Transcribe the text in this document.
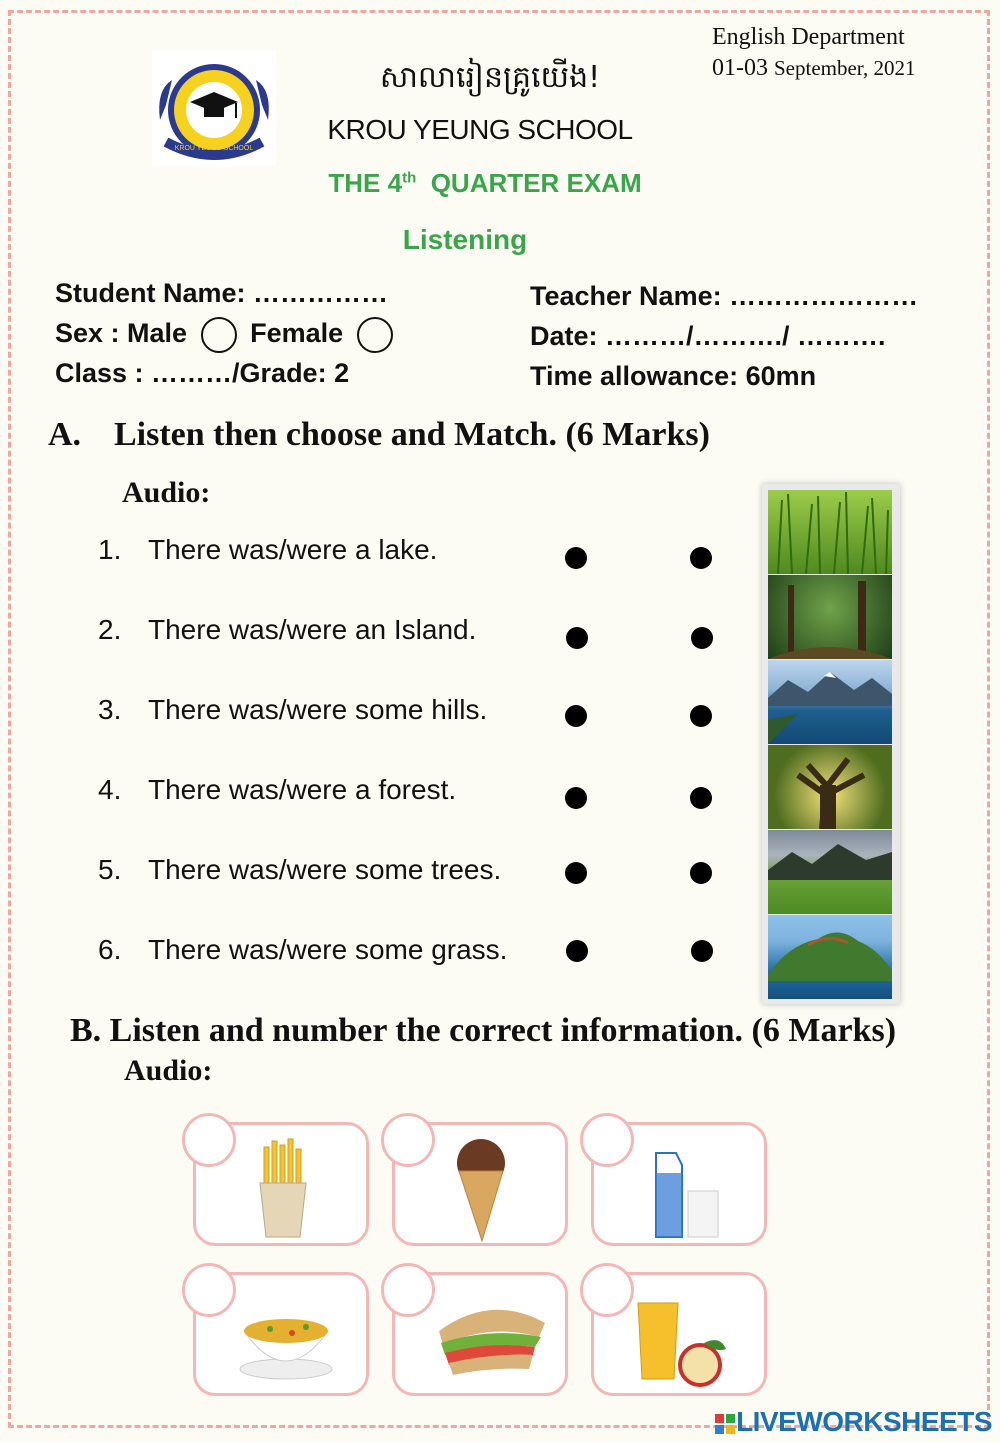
KROU YEUNG SCHOOL
សាលារៀនគ្រូយើង!
KROU YEUNG SCHOOL
English Department
01-03 September, 2021
THE 4th QUARTER EXAM
Listening
Student Name: ……………
Sex : Male Female
Class : ………/Grade: 2
Teacher Name: …………………
Date: ………/………./ ……….
Time allowance: 60mn
A. Listen then choose and Match. (6 Marks)
Audio:
1. There was/were a lake.
2. There was/were an Island.
3. There was/were some hills.
4. There was/were a forest.
5. There was/were some trees.
6. There was/were some grass.
B. Listen and number the correct information. (6 Marks)
Audio:

LIVEWORKSHEETS
